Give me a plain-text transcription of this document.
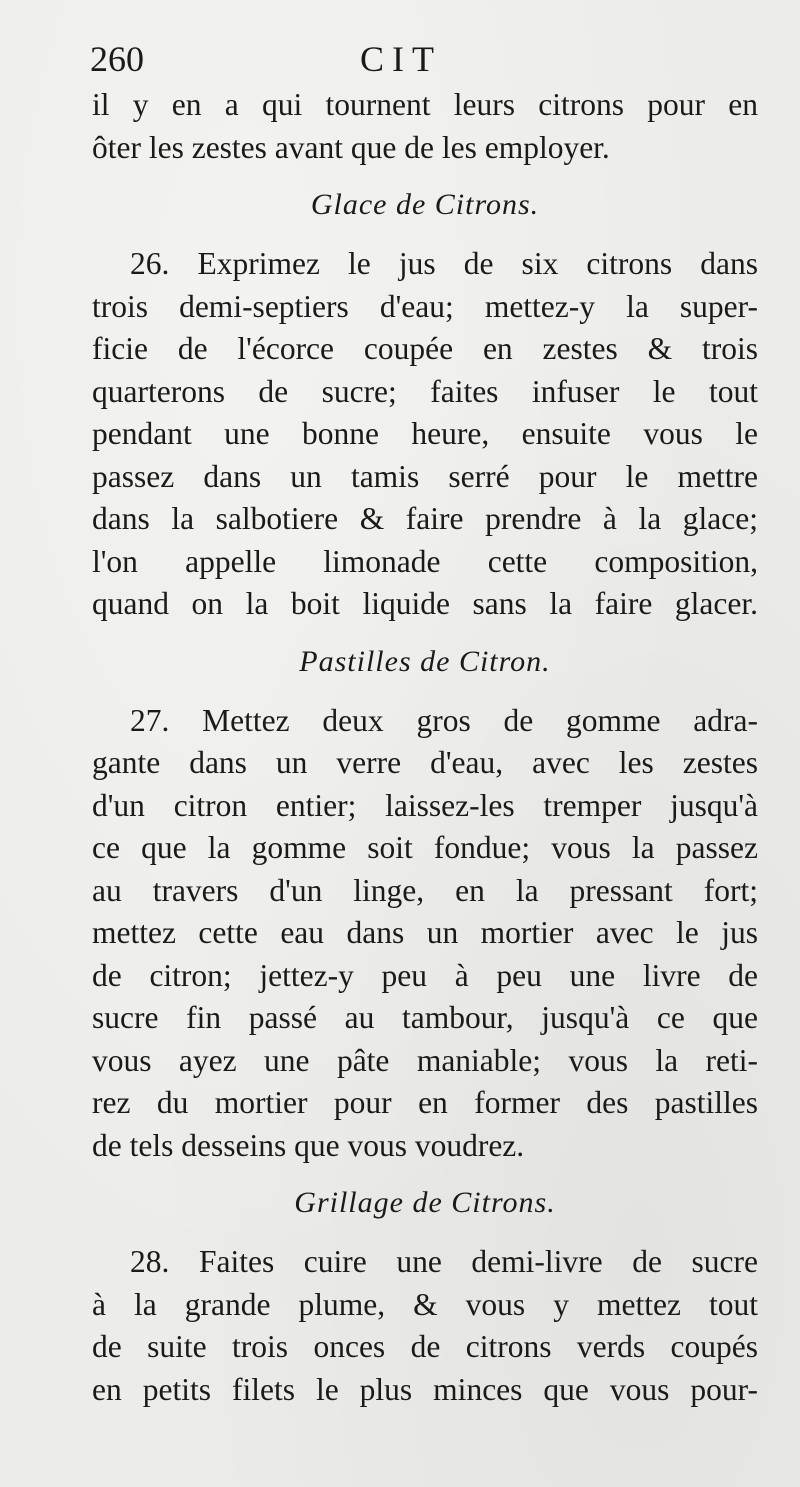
260	CIT
il y en a qui tournent leurs citrons pour en
ôter les zestes avant que de les employer.
Glace de Citrons.
26. Exprimez le jus de six citrons dans
trois demi-septiers d'eau; mettez-y la super-
ficie de l'écorce coupée en zestes & trois
quarterons de sucre; faites infuser le tout
pendant une bonne heure, ensuite vous le
passez dans un tamis serré pour le mettre
dans la salbotiere & faire prendre à la glace;
l'on appelle limonade cette composition,
quand on la boit liquide sans la faire glacer.
Pastilles de Citron.
27. Mettez deux gros de gomme adra-
gante dans un verre d'eau, avec les zestes
d'un citron entier; laissez-les tremper jusqu'à
ce que la gomme soit fondue; vous la passez
au travers d'un linge, en la pressant fort;
mettez cette eau dans un mortier avec le jus
de citron; jettez-y peu à peu une livre de
sucre fin passé au tambour, jusqu'à ce que
vous ayez une pâte maniable; vous la reti-
rez du mortier pour en former des pastilles
de tels desseins que vous voudrez.
Grillage de Citrons.
28. Faites cuire une demi-livre de sucre
à la grande plume, & vous y mettez tout
de suite trois onces de citrons verds coupés
en petits filets le plus minces que vous pour-
